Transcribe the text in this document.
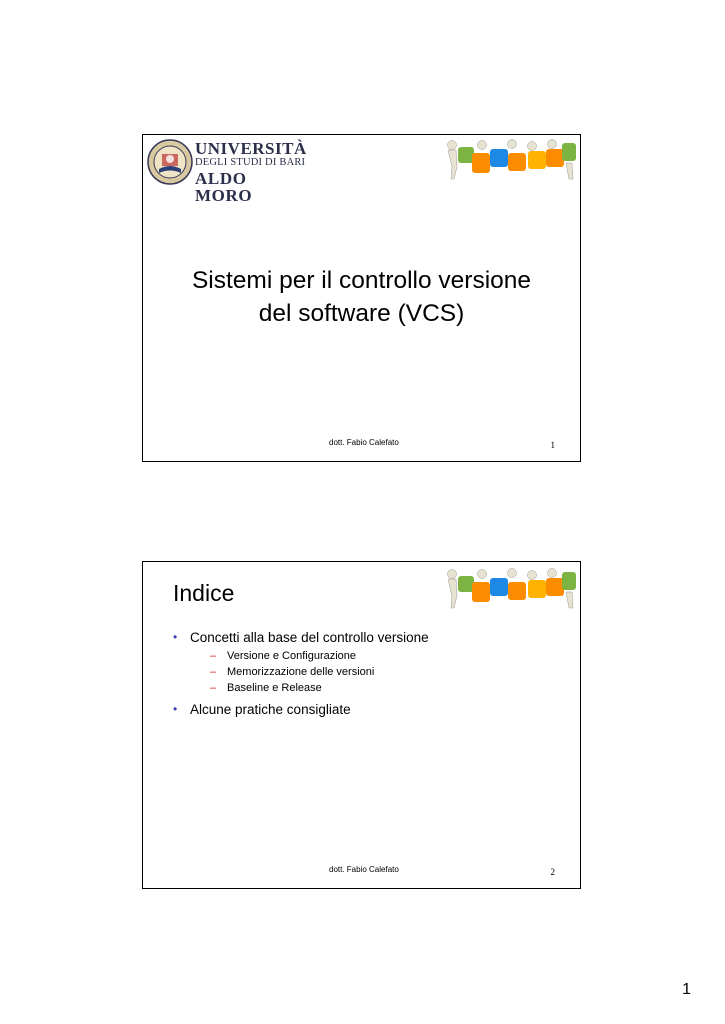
UNIVERSITÀ
DEGLI STUDI DI BARI
ALDO MORO
Sistemi per il controllo versione
del software (VCS)
dott. Fabio Calefato	1
Indice
• Concetti alla base del controllo versione
– Versione e Configurazione
– Memorizzazione delle versioni
– Baseline e Release
• Alcune pratiche consigliate
dott. Fabio Calefato	2
1
